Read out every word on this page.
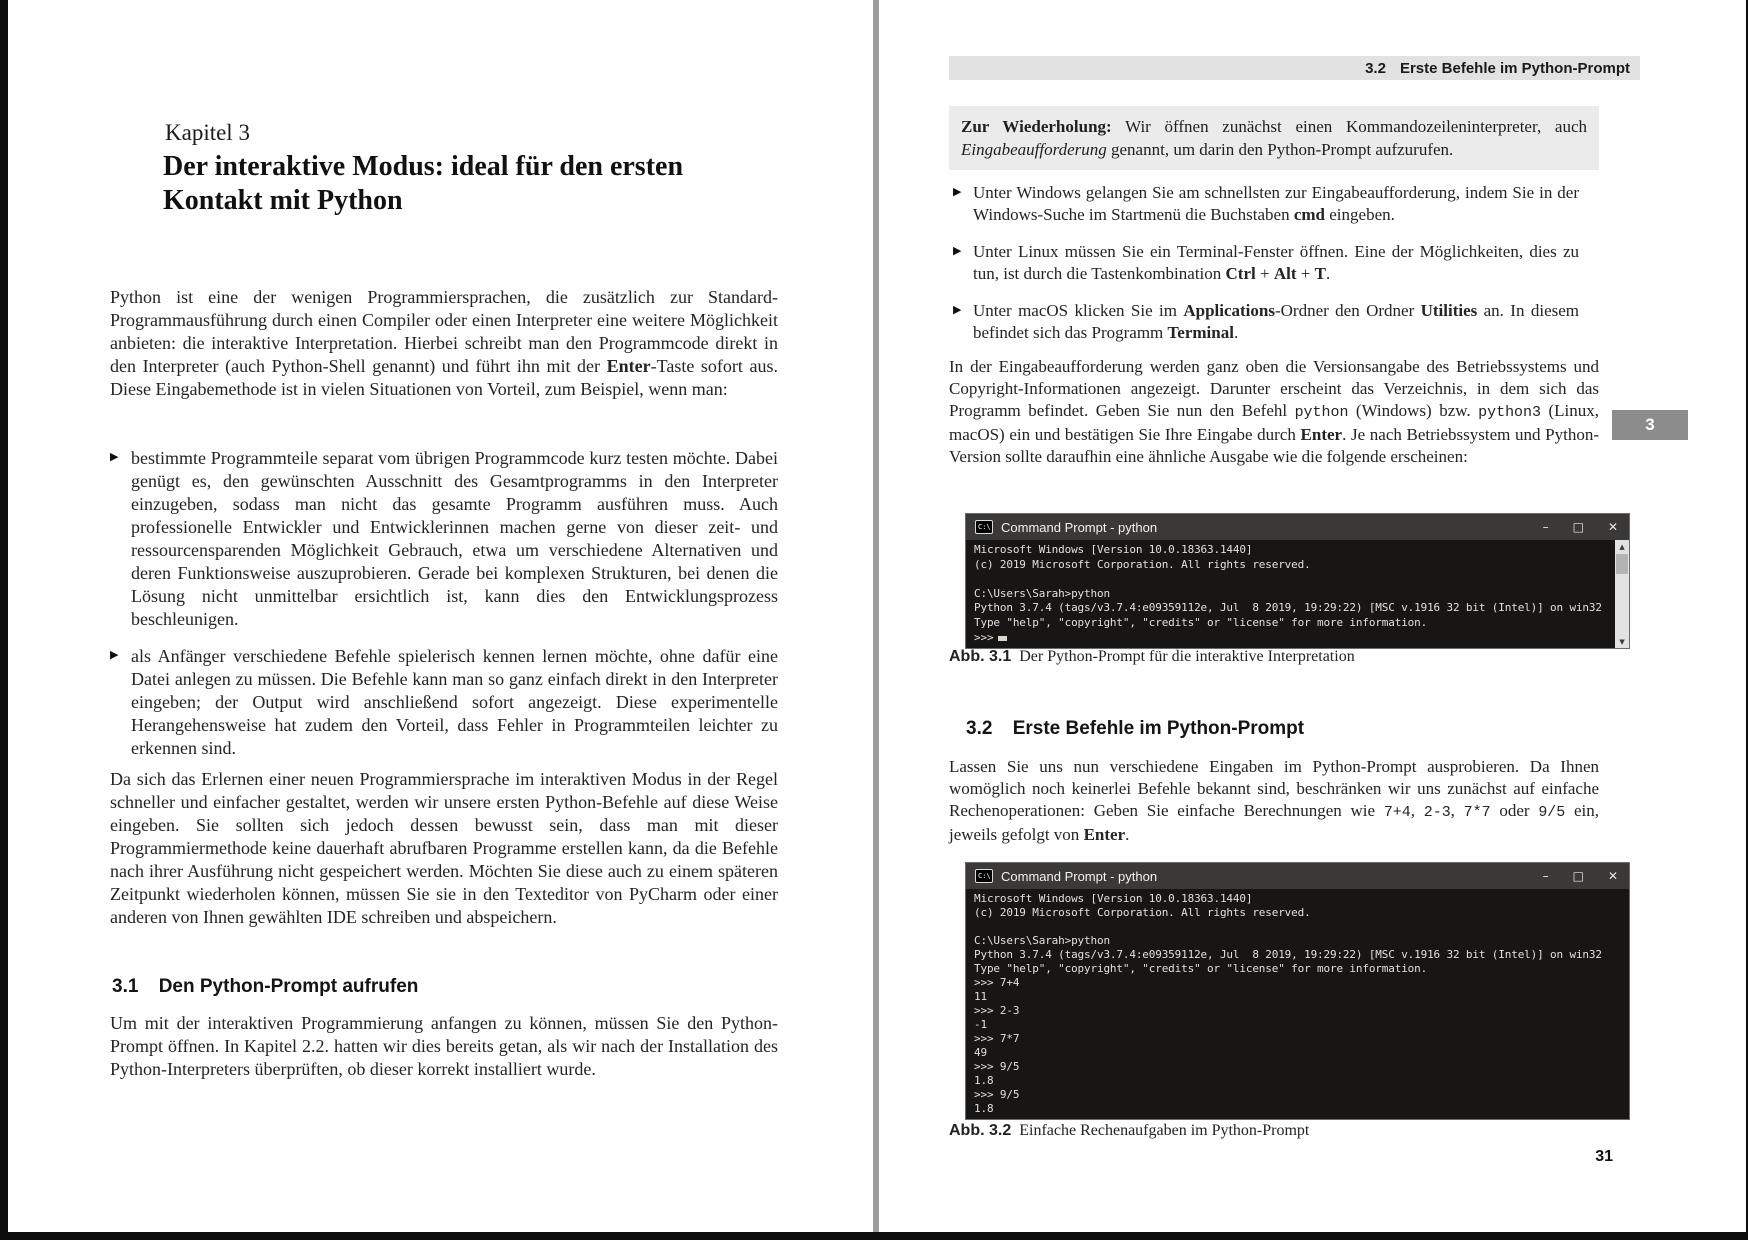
Kapitel 3
Der interaktive Modus: ideal für den ersten Kontakt mit Python

Python ist eine der wenigen Programmiersprachen, die zusätzlich zur Standard-Programmausführung durch einen Compiler oder einen Interpreter eine weitere Möglichkeit anbieten: die interaktive Interpretation. Hierbei schreibt man den Programmcode direkt in den Interpreter (auch Python-Shell genannt) und führt ihn mit der Enter-Taste sofort aus. Diese Eingabemethode ist in vielen Situationen von Vorteil, zum Beispiel, wenn man:

▶ bestimmte Programmteile separat vom übrigen Programmcode kurz testen möchte. Dabei genügt es, den gewünschten Ausschnitt des Gesamtprogramms in den Interpreter einzugeben, sodass man nicht das gesamte Programm ausführen muss. Auch professionelle Entwickler und Entwicklerinnen machen gerne von dieser zeit- und ressourcensparenden Möglichkeit Gebrauch, etwa um verschiedene Alternativen und deren Funktionsweise auszuprobieren. Gerade bei komplexen Strukturen, bei denen die Lösung nicht unmittelbar ersichtlich ist, kann dies den Entwicklungsprozess beschleunigen.
▶ als Anfänger verschiedene Befehle spielerisch kennen lernen möchte, ohne dafür eine Datei anlegen zu müssen. Die Befehle kann man so ganz einfach direkt in den Interpreter eingeben; der Output wird anschließend sofort angezeigt. Diese experimentelle Herangehensweise hat zudem den Vorteil, dass Fehler in Programmteilen leichter zu erkennen sind.

Da sich das Erlernen einer neuen Programmiersprache im interaktiven Modus in der Regel schneller und einfacher gestaltet, werden wir unsere ersten Python-Befehle auf diese Weise eingeben. Sie sollten sich jedoch dessen bewusst sein, dass man mit dieser Programmiermethode keine dauerhaft abrufbaren Programme erstellen kann, da die Befehle nach ihrer Ausführung nicht gespeichert werden. Möchten Sie diese auch zu einem späteren Zeitpunkt wiederholen können, müssen Sie sie in den Texteditor von PyCharm oder einer anderen von Ihnen gewählten IDE schreiben und abspeichern.

3.1 Den Python-Prompt aufrufen

Um mit der interaktiven Programmierung anfangen zu können, müssen Sie den Python-Prompt öffnen. In Kapitel 2.2. hatten wir dies bereits getan, als wir nach der Installation des Python-Interpreters überprüften, ob dieser korrekt installiert wurde.

3.2 Erste Befehle im Python-Prompt
Zur Wiederholung: Wir öffnen zunächst einen Kommandozeileninterpreter, auch Eingabeaufforderung genannt, um darin den Python-Prompt aufzurufen.
▶ Unter Windows gelangen Sie am schnellsten zur Eingabeaufforderung, indem Sie in der Windows-Suche im Startmenü die Buchstaben cmd eingeben.
▶ Unter Linux müssen Sie ein Terminal-Fenster öffnen. Eine der Möglichkeiten, dies zu tun, ist durch die Tastenkombination Ctrl + Alt + T.
▶ Unter macOS klicken Sie im Applications-Ordner den Ordner Utilities an. In diesem befindet sich das Programm Terminal.

In der Eingabeaufforderung werden ganz oben die Versionsangabe des Betriebssystems und Copyright-Informationen angezeigt. Darunter erscheint das Verzeichnis, in dem sich das Programm befindet. Geben Sie nun den Befehl python (Windows) bzw. python3 (Linux, macOS) ein und bestätigen Sie Ihre Eingabe durch Enter. Je nach Betriebssystem und Python-Version sollte daraufhin eine ähnliche Ausgabe wie die folgende erscheinen:

C:\ Command Prompt - python	– □ ✕
Microsoft Windows [Version 10.0.18363.1440]
(c) 2019 Microsoft Corporation. All rights reserved.

C:\Users\Sarah>python
Python 3.7.4 (tags/v3.7.4:e09359112e, Jul  8 2019, 19:29:22) [MSC v.1916 32 bit (Intel)] on win32
Type "help", "copyright", "credits" or "license" for more information.
>>>
▲
▼
Abb. 3.1 Der Python-Prompt für die interaktive Interpretation
3.2 Erste Befehle im Python-Prompt

Lassen Sie uns nun verschiedene Eingaben im Python-Prompt ausprobieren. Da Ihnen womöglich noch keinerlei Befehle bekannt sind, beschränken wir uns zunächst auf einfache Rechenoperationen: Geben Sie einfache Berechnungen wie 7+4, 2-3, 7*7 oder 9/5 ein, jeweils gefolgt von Enter.

C:\ Command Prompt - python	– □ ✕
Microsoft Windows [Version 10.0.18363.1440]
(c) 2019 Microsoft Corporation. All rights reserved.

C:\Users\Sarah>python
Python 3.7.4 (tags/v3.7.4:e09359112e, Jul  8 2019, 19:29:22) [MSC v.1916 32 bit (Intel)] on win32
Type "help", "copyright", "credits" or "license" for more information.
>>> 7+4
11
>>> 2-3
-1
>>> 7*7
49
>>> 9/5
1.8
>>> 9/5
1.8
Abb. 3.2 Einfache Rechenaufgaben im Python-Prompt
31
3
